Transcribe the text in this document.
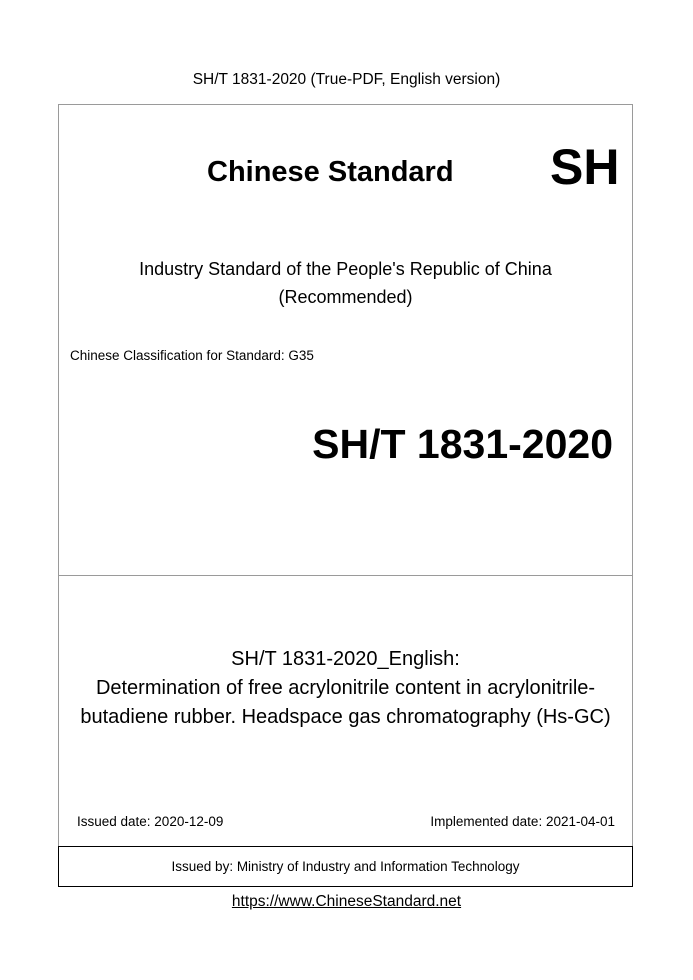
SH/T 1831-2020 (True-PDF, English version)
Chinese Standard SH
Industry Standard of the People's Republic of China
(Recommended)
Chinese Classification for Standard: G35
SH/T 1831-2020
SH/T 1831-2020_English:
Determination of free acrylonitrile content in acrylonitrile-
butadiene rubber. Headspace gas chromatography (Hs-GC)
Issued date: 2020-12-09	Implemented date: 2021-04-01
Issued by: Ministry of Industry and Information Technology
https://www.ChineseStandard.net
